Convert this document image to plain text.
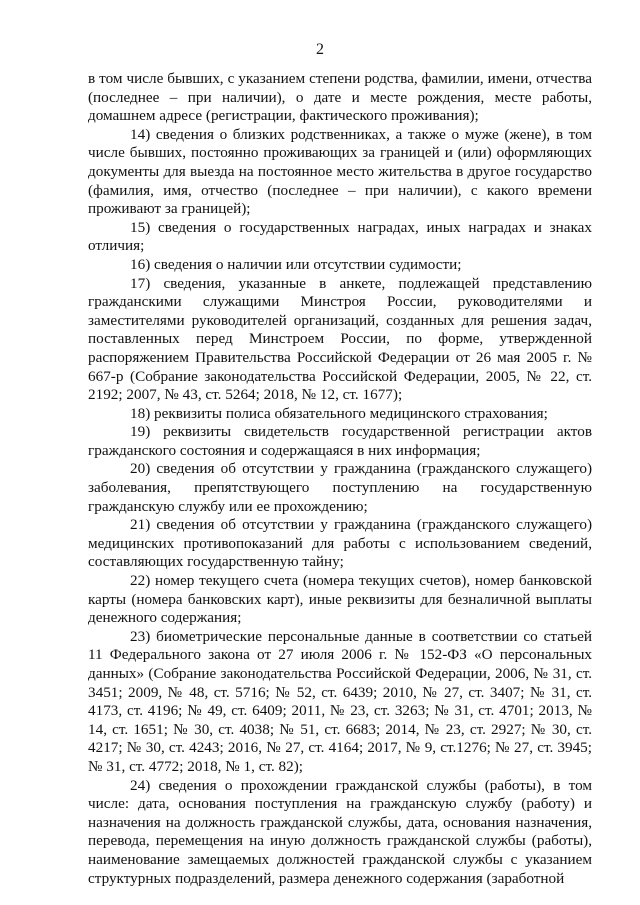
2

в том числе бывших, с указанием степени родства, фамилии, имени, отчества (последнее – при наличии), о дате и месте рождения, месте работы, домашнем адресе (регистрации, фактического проживания);

14) сведения о близких родственниках, а также о муже (жене), в том числе бывших, постоянно проживающих за границей и (или) оформляющих документы для выезда на постоянное место жительства в другое государство (фамилия, имя, отчество (последнее – при наличии), с какого времени проживают за границей);

15) сведения о государственных наградах, иных наградах и знаках отличия;

16) сведения о наличии или отсутствии судимости;

17) сведения, указанные в анкете, подлежащей представлению гражданскими служащими Минстроя России, руководителями и заместителями руководителей организаций, созданных для решения задач, поставленных перед Минстроем России, по форме, утвержденной распоряжением Правительства Российской Федерации от 26 мая 2005 г. № 667-р (Собрание законодательства Российской Федерации, 2005, № 22, ст. 2192; 2007, № 43, ст. 5264; 2018, № 12, ст. 1677);

18) реквизиты полиса обязательного медицинского страхования;

19) реквизиты свидетельств государственной регистрации актов гражданского состояния и содержащаяся в них информация;

20) сведения об отсутствии у гражданина (гражданского служащего) заболевания, препятствующего поступлению на государственную гражданскую службу или ее прохождению;

21) сведения об отсутствии у гражданина (гражданского служащего) медицинских противопоказаний для работы с использованием сведений, составляющих государственную тайну;

22) номер текущего счета (номера текущих счетов), номер банковской карты (номера банковских карт), иные реквизиты для безналичной выплаты денежного содержания;

23) биометрические персональные данные в соответствии со статьей 11 Федерального закона от 27 июля 2006 г. № 152-ФЗ «О персональных данных» (Собрание законодательства Российской Федерации, 2006, № 31, ст. 3451; 2009, № 48, ст. 5716; № 52, ст. 6439; 2010, № 27, ст. 3407; № 31, ст. 4173, ст. 4196; № 49, ст. 6409; 2011, № 23, ст. 3263; № 31, ст. 4701; 2013, № 14, ст. 1651; № 30, ст. 4038; № 51, ст. 6683; 2014, № 23, ст. 2927; № 30, ст. 4217; № 30, ст. 4243; 2016, № 27, ст. 4164; 2017, № 9, ст.1276; № 27, ст. 3945; № 31, ст. 4772; 2018, № 1, ст. 82);

24) сведения о прохождении гражданской службы (работы), в том числе: дата, основания поступления на гражданскую службу (работу) и назначения на должность гражданской службы, дата, основания назначения, перевода, перемещения на иную должность гражданской службы (работы), наименование замещаемых должностей гражданской службы с указанием структурных подразделений, размера денежного содержания (заработной
